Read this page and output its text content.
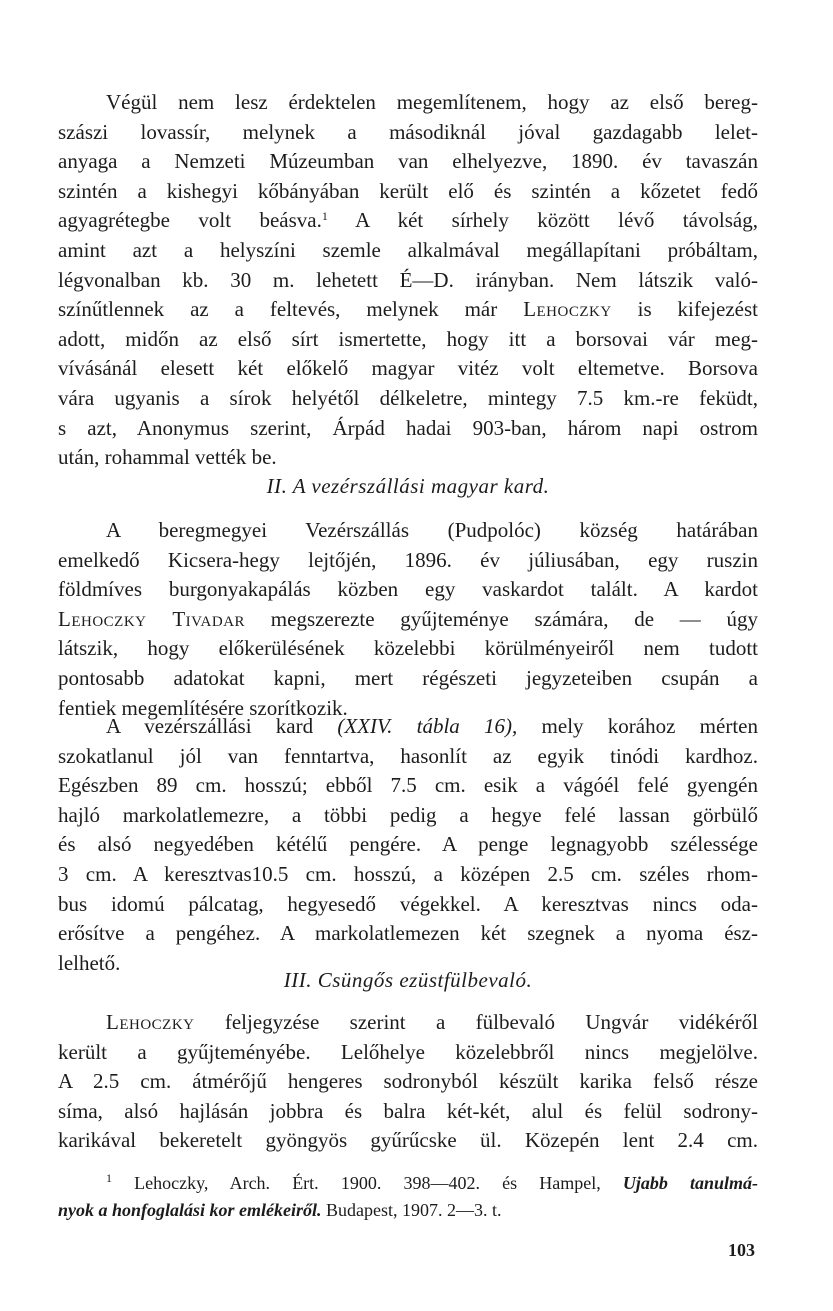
Végül nem lesz érdektelen megemlítenem, hogy az első bereg-
szászi lovassír, melynek a másodiknál jóval gazdagabb lelet-
anyaga a Nemzeti Múzeumban van elhelyezve, 1890. év tavaszán
szintén a kishegyi kőbányában került elő és szintén a kőzetet fedő
agyagrétegbe volt beásva.$^1$ A két sírhely között lévő távolság,
amint azt a helyszíni szemle alkalmával megállapítani próbáltam,
légvonalban kb. 30 m. lehetett É—D. irányban. Nem látszik való-
színűtlennek az a feltevés, melynek már Lehoczky is kifejezést
adott, midőn az első sírt ismertette, hogy itt a borsovai vár meg-
vívásánál elesett két előkelő magyar vitéz volt eltemetve. Borsova
vára ugyanis a sírok helyétől délkeletre, mintegy 7.5 km.-re feküdt,
s azt, Anonymus szerint, Árpád hadai 903-ban, három napi ostrom
után, rohammal vették be.
II. A vezérszállási magyar kard.
A beregmegyei Vezérszállás (Pudpolóc) község határában
emelkedő Kicsera-hegy lejtőjén, 1896. év júliusában, egy ruszin
földmíves burgonyakapálás közben egy vaskardot talált. A kardot
Lehoczky Tivadar megszerezte gyűjteménye számára, de — úgy
látszik, hogy előkerülésének közelebbi körülményeiről nem tudott
pontosabb adatokat kapni, mert régészeti jegyzeteiben csupán a
fentiek megemlítésére szorítkozik.
A vezérszállási kard (XXIV. tábla 16), mely korához mérten
szokatlanul jól van fenntartva, hasonlít az egyik tinódi kardhoz.
Egészben 89 cm. hosszú; ebből 7.5 cm. esik a vágóél felé gyengén
hajló markolatlemezre, a többi pedig a hegye felé lassan görbülő
és alsó negyedében kétélű pengére. A penge legnagyobb szélessége
3 cm. A keresztvas10.5 cm. hosszú, a középen 2.5 cm. széles rhom-
bus idomú pálcatag, hegyesedő végekkel. A keresztvas nincs oda-
erősítve a pengéhez. A markolatlemezen két szegnek a nyoma ész-
lelhető.
III. Csüngős ezüstfülbevaló.
Lehoczky feljegyzése szerint a fülbevaló Ungvár vidékéről
került a gyűjteményébe. Lelőhelye közelebbről nincs megjelölve.
A 2.5 cm. átmérőjű hengeres sodronyból készült karika felső része
síma, alsó hajlásán jobbra és balra két-két, alul és felül sodrony-
karikával bekeretelt gyöngyös gyűrűcske ül. Közepén lent 2.4 cm.
$^1$ Lehoczky, Arch. Ért. 1900. 398—402. és Hampel, Ujabb tanulmá-
nyok a honfoglalási kor emlékeiről. Budapest, 1907. 2—3. t.
103
